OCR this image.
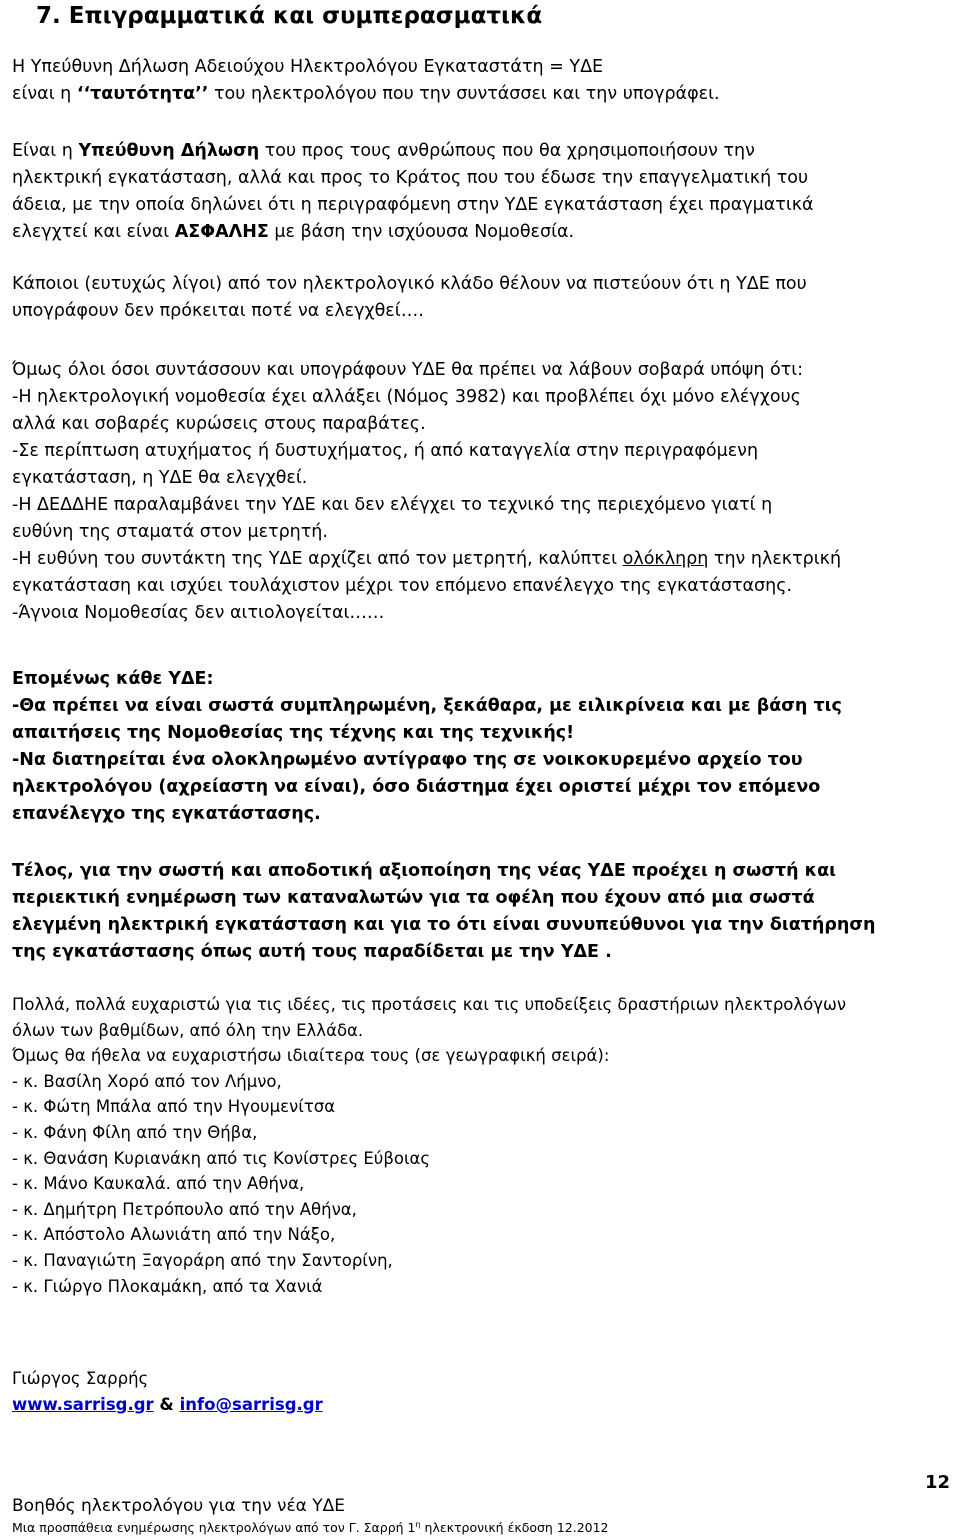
7. Επιγραμματικά και συμπερασματικά

Η Υπεύθυνη Δήλωση Αδειούχου Ηλεκτρολόγου Εγκαταστάτη = ΥΔΕ

είναι η ‘‘ταυτότητα’’ του ηλεκτρολόγου που την συντάσσει και την υπογράφει.

Είναι η Υπεύθυνη Δήλωση του προς τους ανθρώπους που θα χρησιμοποιήσουν την

ηλεκτρική εγκατάσταση, αλλά και προς το Κράτος που του έδωσε την επαγγελματική του

άδεια, με την οποία δηλώνει ότι η περιγραφόμενη στην ΥΔΕ εγκατάσταση έχει πραγματικά

ελεγχτεί και είναι ΑΣΦΑΛΗΣ με βάση την ισχύουσα Νομοθεσία.

Κάποιοι (ευτυχώς λίγοι) από τον ηλεκτρολογικό κλάδο θέλουν να πιστεύουν ότι η ΥΔΕ που

υπογράφουν δεν πρόκειται ποτέ να ελεγχθεί….

Όμως όλοι όσοι συντάσσουν και υπογράφουν ΥΔΕ θα πρέπει να λάβουν σοβαρά υπόψη ότι:

-Η ηλεκτρολογική νομοθεσία έχει αλλάξει (Νόμος 3982) και προβλέπει όχι μόνο ελέγχους

αλλά και σοβαρές κυρώσεις στους παραβάτες.

-Σε περίπτωση ατυχήματος ή δυστυχήματος, ή από καταγγελία στην περιγραφόμενη

εγκατάσταση, η ΥΔΕ θα ελεγχθεί.

-Η ΔΕΔΔΗΕ παραλαμβάνει την ΥΔΕ και δεν ελέγχει το τεχνικό της περιεχόμενο γιατί η

ευθύνη της σταματά στον μετρητή.

-Η ευθύνη του συντάκτη της ΥΔΕ αρχίζει από τον μετρητή, καλύπτει ολόκληρη την ηλεκτρική

εγκατάσταση και ισχύει τουλάχιστον μέχρι τον επόμενο επανέλεγχο της εγκατάστασης.

-Άγνοια Νομοθεσίας δεν αιτιολογείται……

Επομένως κάθε ΥΔΕ:

-Θα πρέπει να είναι σωστά συμπληρωμένη, ξεκάθαρα, με ειλικρίνεια και με βάση τις

απαιτήσεις της Νομοθεσίας της τέχνης και της τεχνικής!

-Να διατηρείται ένα ολοκληρωμένο αντίγραφο της σε νοικοκυρεμένο αρχείο του

ηλεκτρολόγου (αχρείαστη να είναι), όσο διάστημα έχει οριστεί μέχρι τον επόμενο

επανέλεγχο της εγκατάστασης.

Τέλος, για την σωστή και αποδοτική αξιοποίηση της νέας ΥΔΕ προέχει η σωστή και

περιεκτική ενημέρωση των καταναλωτών για τα οφέλη που έχουν από μια σωστά

ελεγμένη ηλεκτρική εγκατάσταση και για το ότι είναι συνυπεύθυνοι για την διατήρηση

της εγκατάστασης όπως αυτή τους παραδίδεται με την ΥΔΕ .

Πολλά, πολλά ευχαριστώ για τις ιδέες, τις προτάσεις και τις υποδείξεις δραστήριων ηλεκτρολόγων

όλων των βαθμίδων, από όλη την Ελλάδα.

Όμως θα ήθελα να ευχαριστήσω ιδιαίτερα τους (σε γεωγραφική σειρά):

- κ. Βασίλη Χορό από τον Λήμνο,

- κ. Φώτη Μπάλα από την Ηγουμενίτσα

- κ. Φάνη Φίλη από την Θήβα,

- κ. Θανάση Κυριανάκη από τις Κονίστρες Εύβοιας

- κ. Μάνο Καυκαλά. από την Αθήνα,

- κ. Δημήτρη Πετρόπουλο από την Αθήνα,

- κ. Απόστολο Αλωνιάτη από την Νάξο,

- κ. Παναγιώτη Ξαγοράρη από την Σαντορίνη,

- κ. Γιώργο Πλοκαμάκη, από τα Χανιά

Γιώργος Σαρρής

www.sarrisg.gr & info@sarrisg.gr

12
Βοηθός ηλεκτρολόγου για την νέα ΥΔΕ
Μια προσπάθεια ενημέρωσης ηλεκτρολόγων από τον Γ. Σαρρή $1^\eta$ ηλεκτρονική έκδοση 12.2012
